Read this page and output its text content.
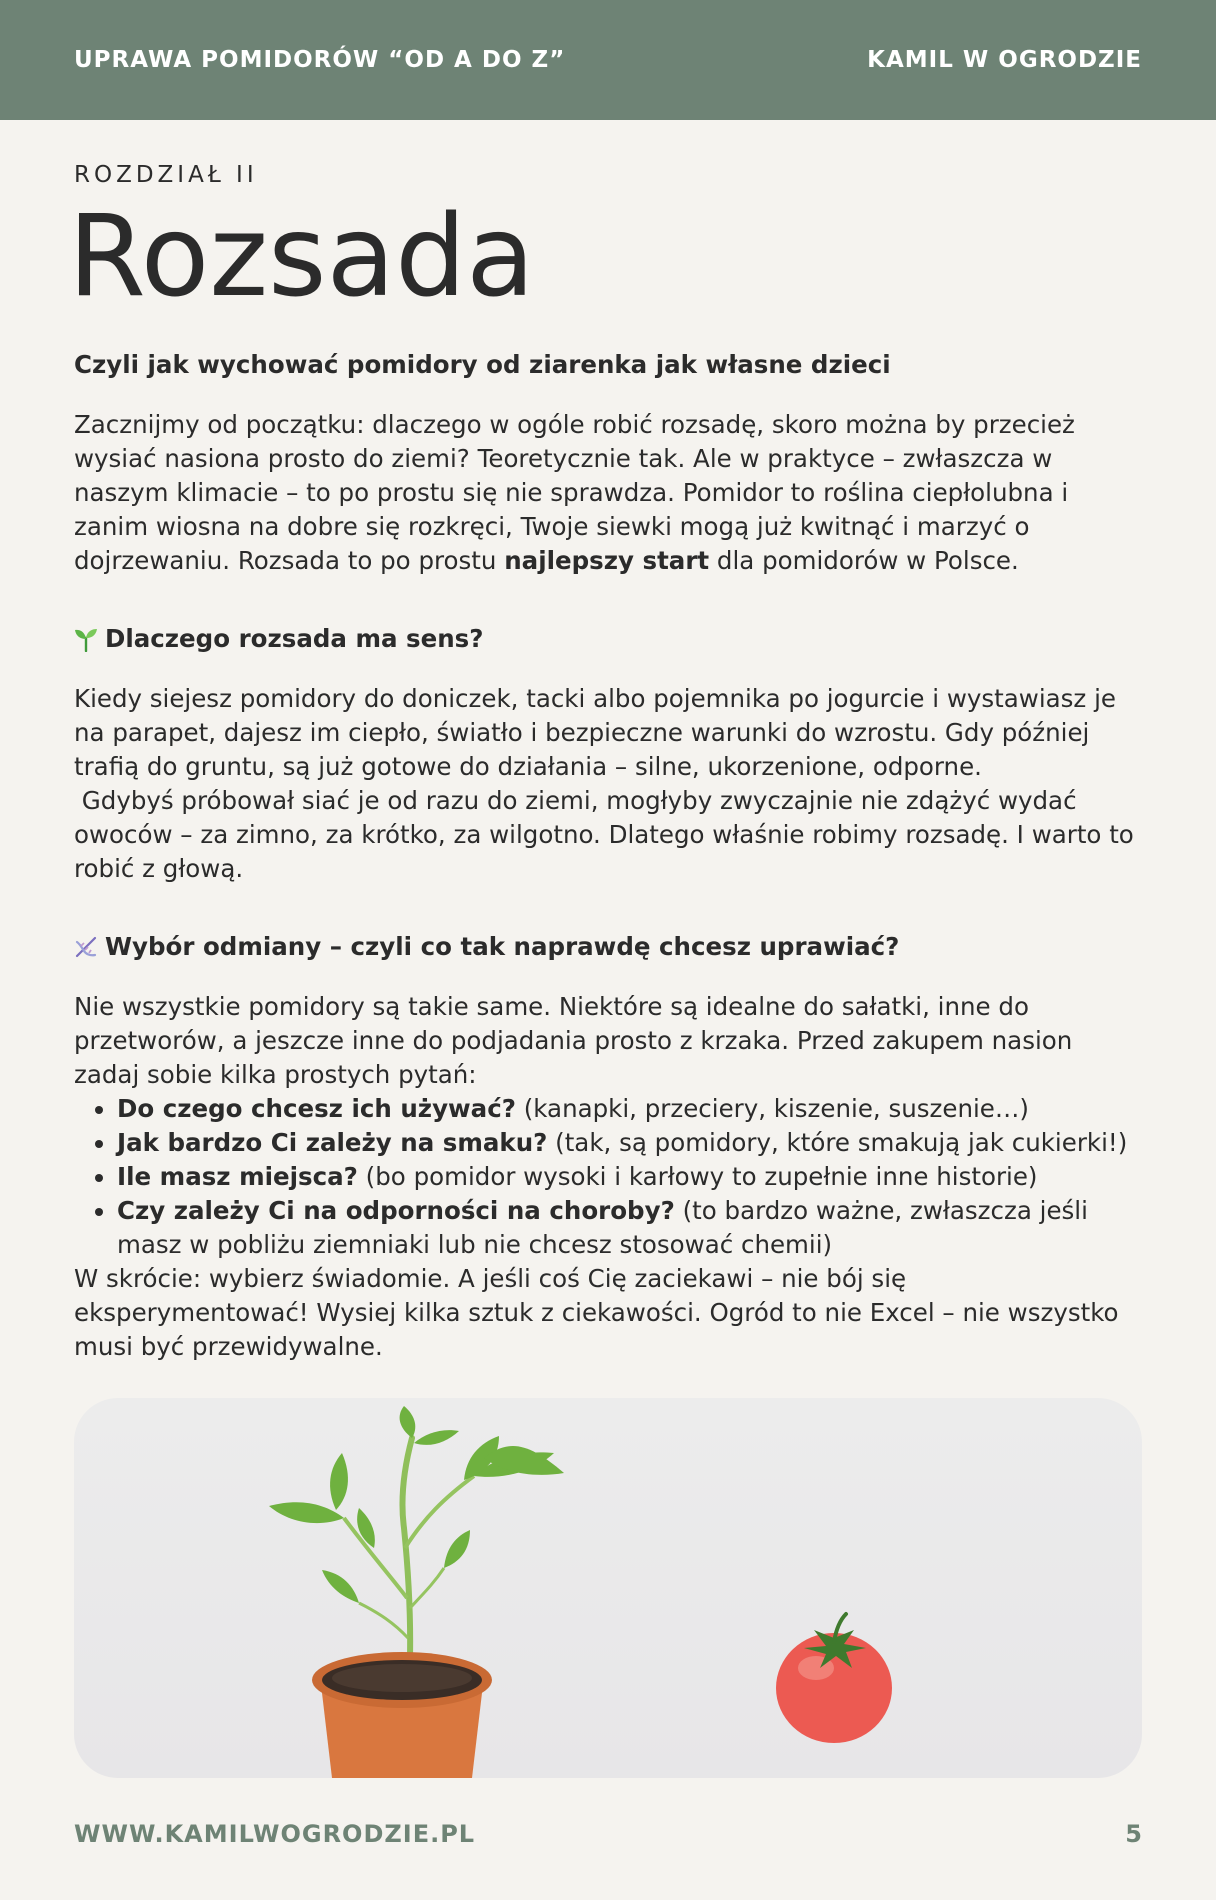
UPRAWA POMIDORÓW “OD A DO Z”	KAMIL W OGRODZIE
ROZDZIAŁ II
Rozsada

Czyli jak wychować pomidory od ziarenka jak własne dzieci

Zacznijmy od początku: dlaczego w ogóle robić rozsadę, skoro można by przecież wysiać nasiona prosto do ziemi? Teoretycznie tak. Ale w praktyce – zwłaszcza w naszym klimacie – to po prostu się nie sprawdza. Pomidor to roślina ciepłolubna i zanim wiosna na dobre się rozkręci, Twoje siewki mogą już kwitnąć i marzyć o dojrzewaniu. Rozsada to po prostu najlepszy start dla pomidorów w Polsce.

Dlaczego rozsada ma sens?

Kiedy siejesz pomidory do doniczek, tacki albo pojemnika po jogurcie i wystawiasz je na parapet, dajesz im ciepło, światło i bezpieczne warunki do wzrostu. Gdy później trafią do gruntu, są już gotowe do działania – silne, ukorzenione, odporne.

Gdybyś próbował siać je od razu do ziemi, mogłyby zwyczajnie nie zdążyć wydać owoców – za zimno, za krótko, za wilgotno. Dlatego właśnie robimy rozsadę. I warto to robić z głową.

Wybór odmiany – czyli co tak naprawdę chcesz uprawiać?

Nie wszystkie pomidory są takie same. Niektóre są idealne do sałatki, inne do przetworów, a jeszcze inne do podjadania prosto z krzaka. Przed zakupem nasion zadaj sobie kilka prostych pytań:

• Do czego chcesz ich używać? (kanapki, przeciery, kiszenie, suszenie…)
• Jak bardzo Ci zależy na smaku? (tak, są pomidory, które smakują jak cukierki!)
• Ile masz miejsca? (bo pomidor wysoki i karłowy to zupełnie inne historie)
• Czy zależy Ci na odporności na choroby? (to bardzo ważne, zwłaszcza jeśli masz w pobliżu ziemniaki lub nie chcesz stosować chemii)

W skrócie: wybierz świadomie. A jeśli coś Cię zaciekawi – nie bój się eksperymentować! Wysiej kilka sztuk z ciekawości. Ogród to nie Excel – nie wszystko musi być przewidywalne.

WWW.KAMILWOGRODZIE.PL	5
